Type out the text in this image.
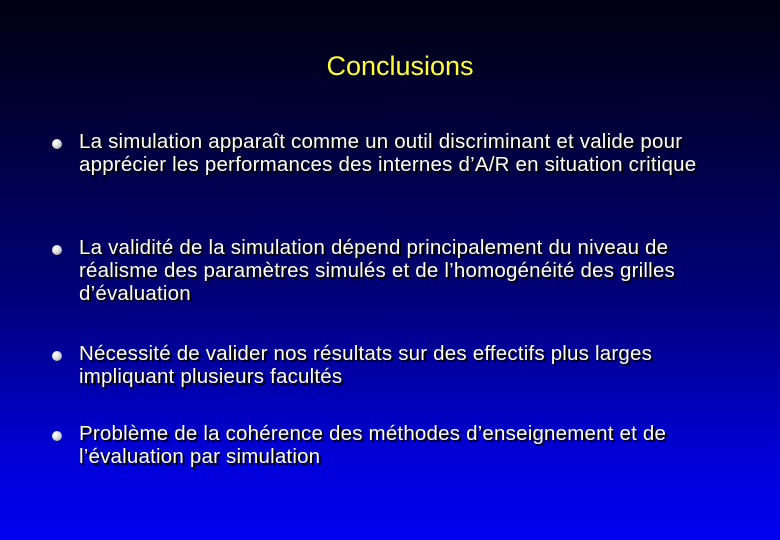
Conclusions
La simulation apparaît comme un outil discriminant et valide pour apprécier les performances des internes d’A/R en situation critique
La validité de la simulation dépend principalement du niveau de réalisme des paramètres simulés et de l’homogénéité des grilles d’évaluation
Nécessité de valider nos résultats sur des effectifs plus larges impliquant plusieurs facultés
Problème de la cohérence des méthodes d’enseignement et de l’évaluation par simulation
